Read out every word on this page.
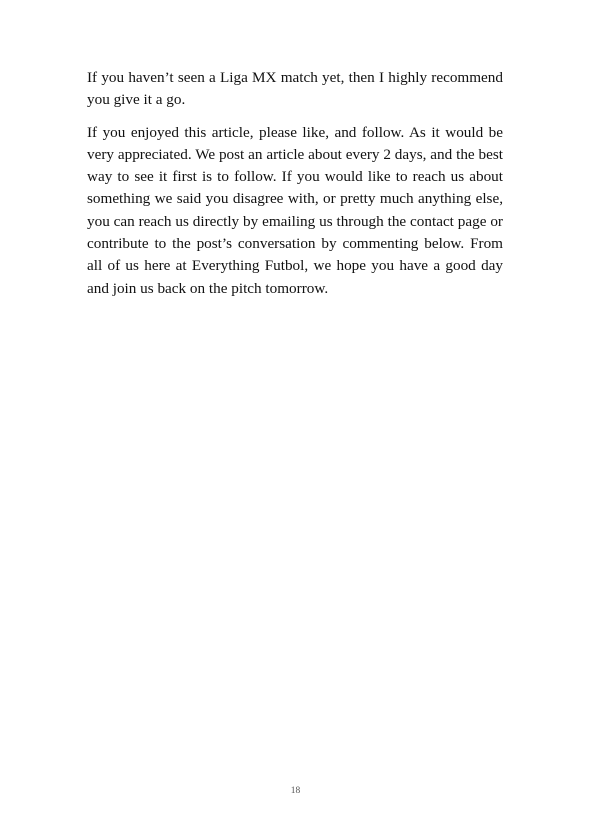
If you haven’t seen a Liga MX match yet, then I highly recommend you give it a go.

If you enjoyed this article, please like, and follow. As it would be very appreciated. We post an article about every 2 days, and the best way to see it first is to follow. If you would like to reach us about something we said you disagree with, or pretty much anything else, you can reach us directly by emailing us through the contact page or contribute to the post’s conversation by commenting below. From all of us here at Everything Futbol, we hope you have a good day and join us back on the pitch tomorrow.

18
